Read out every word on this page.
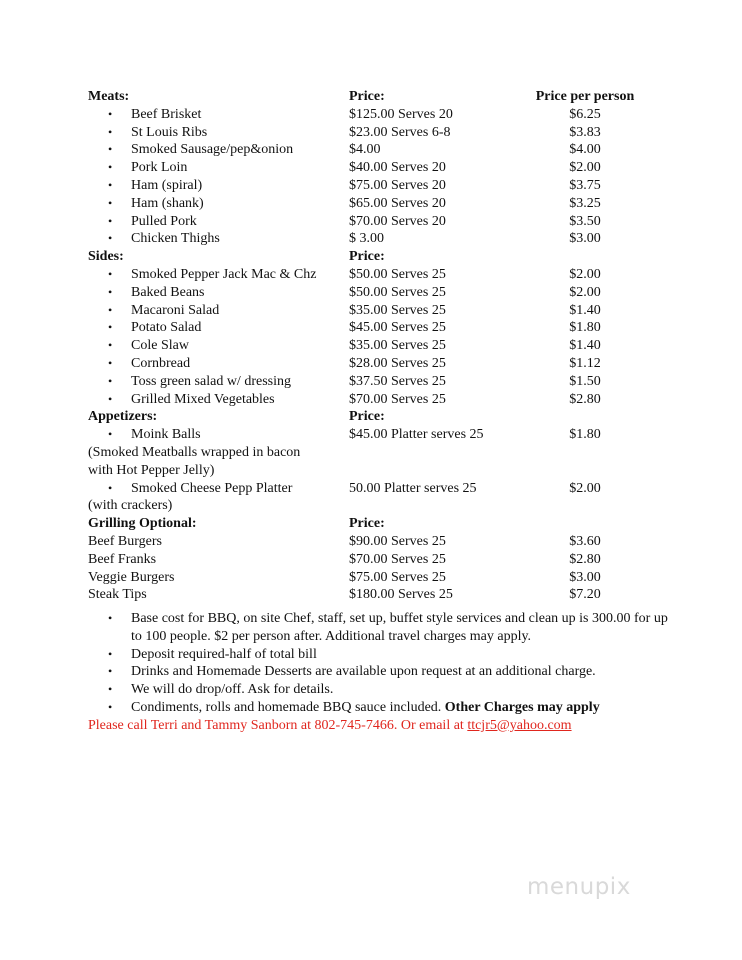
Meats:	Price:	Price per person
• Beef Brisket	$125.00 Serves 20	$6.25
• St Louis Ribs	$23.00 Serves 6-8	$3.83
• Smoked Sausage/pep&onion	$4.00	$4.00
• Pork Loin	$40.00 Serves 20	$2.00
• Ham (spiral)	$75.00 Serves 20	$3.75
• Ham (shank)	$65.00 Serves 20	$3.25
• Pulled Pork	$70.00 Serves 20	$3.50
• Chicken Thighs	$ 3.00	$3.00
Sides:	Price:
• Smoked Pepper Jack Mac & Chz $50.00 Serves 25	$2.00
• Baked Beans	$50.00 Serves 25	$2.00
• Macaroni Salad	$35.00 Serves 25	$1.40
• Potato Salad	$45.00 Serves 25	$1.80
• Cole Slaw	$35.00 Serves 25	$1.40
• Cornbread	$28.00 Serves 25	$1.12
• Toss green salad w/ dressing	$37.50 Serves 25	$1.50
• Grilled Mixed Vegetables	$70.00 Serves 25	$2.80
Appetizers:	Price:
• Moink Balls	$45.00 Platter serves 25	$1.80
(Smoked Meatballs wrapped in bacon
with Hot Pepper Jelly)
• Smoked Cheese Pepp Platter	50.00 Platter serves 25	$2.00
(with crackers)
Grilling Optional:	Price:
Beef Burgers	$90.00 Serves 25	$3.60
Beef Franks	$70.00 Serves 25	$2.80
Veggie Burgers	$75.00 Serves 25	$3.00
Steak Tips	$180.00 Serves 25	$7.20
• Base cost for BBQ, on site Chef, staff, set up, buffet style services and clean up is 300.00 for up to 100 people. $2 per person after. Additional travel charges may apply.
• Deposit required-half of total bill
• Drinks and Homemade Desserts are available upon request at an additional charge.
• We will do drop/off. Ask for details.
• Condiments, rolls and homemade BBQ sauce included. Other Charges may apply
Please call Terri and Tammy Sanborn at 802-745-7466. Or email at ttcjr5@yahoo.com
menupix
